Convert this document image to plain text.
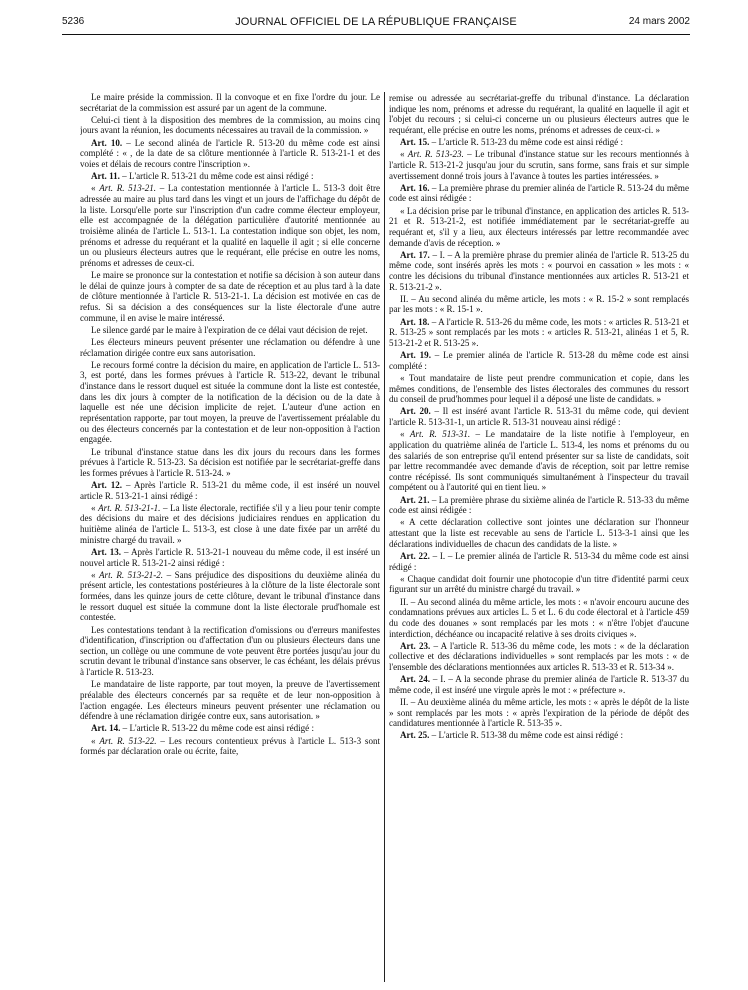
5236	JOURNAL OFFICIEL DE LA RÉPUBLIQUE FRANÇAISE	24 mars 2002

Le maire préside la commission. Il la convoque et en fixe l'ordre du jour. Le secrétariat de la commission est assuré par un agent de la commune.

Celui-ci tient à la disposition des membres de la commission, au moins cinq jours avant la réunion, les documents nécessaires au travail de la commission. »

Art. 10. – Le second alinéa de l'article R. 513-20 du même code est ainsi complété : « , de la date de sa clôture mentionnée à l'article R. 513-21-1 et des voies et délais de recours contre l'inscription ».

Art. 11. – L'article R. 513-21 du même code est ainsi rédigé :

« Art. R. 513-21. – La contestation mentionnée à l'article L. 513-3 doit être adressée au maire au plus tard dans les vingt et un jours de l'affichage du dépôt de la liste. Lorsqu'elle porte sur l'inscription d'un cadre comme électeur employeur, elle est accompagnée de la délégation particulière d'autorité mentionnée au troisième alinéa de l'article L. 513-1. La contestation indique son objet, les nom, prénoms et adresse du requérant et la qualité en laquelle il agit ; si elle concerne un ou plusieurs électeurs autres que le requérant, elle précise en outre les noms, prénoms et adresses de ceux-ci.

Le maire se prononce sur la contestation et notifie sa décision à son auteur dans le délai de quinze jours à compter de sa date de réception et au plus tard à la date de clôture mentionnée à l'article R. 513-21-1. La décision est motivée en cas de refus. Si sa décision a des conséquences sur la liste électorale d'une autre commune, il en avise le maire intéressé.

Le silence gardé par le maire à l'expiration de ce délai vaut décision de rejet.

Les électeurs mineurs peuvent présenter une réclamation ou défendre à une réclamation dirigée contre eux sans autorisation.

Le recours formé contre la décision du maire, en application de l'article L. 513-3, est porté, dans les formes prévues à l'article R. 513-22, devant le tribunal d'instance dans le ressort duquel est située la commune dont la liste est contestée, dans les dix jours à compter de la notification de la décision ou de la date à laquelle est née une décision implicite de rejet. L'auteur d'une action en représentation rapporte, par tout moyen, la preuve de l'avertissement préalable du ou des électeurs concernés par la contestation et de leur non-opposition à l'action engagée.

Le tribunal d'instance statue dans les dix jours du recours dans les formes prévues à l'article R. 513-23. Sa décision est notifiée par le secrétariat-greffe dans les formes prévues à l'article R. 513-24. »

Art. 12. – Après l'article R. 513-21 du même code, il est inséré un nouvel article R. 513-21-1 ainsi rédigé :

« Art. R. 513-21-1. – La liste électorale, rectifiée s'il y a lieu pour tenir compte des décisions du maire et des décisions judiciaires rendues en application du huitième alinéa de l'article L. 513-3, est close à une date fixée par un arrêté du ministre chargé du travail. »

Art. 13. – Après l'article R. 513-21-1 nouveau du même code, il est inséré un nouvel article R. 513-21-2 ainsi rédigé :

« Art. R. 513-21-2. – Sans préjudice des dispositions du deuxième alinéa du présent article, les contestations postérieures à la clôture de la liste électorale sont formées, dans les quinze jours de cette clôture, devant le tribunal d'instance dans le ressort duquel est située la commune dont la liste électorale prud'homale est contestée.

Les contestations tendant à la rectification d'omissions ou d'erreurs manifestes d'identification, d'inscription ou d'affectation d'un ou plusieurs électeurs dans une section, un collège ou une commune de vote peuvent être portées jusqu'au jour du scrutin devant le tribunal d'instance sans observer, le cas échéant, les délais prévus à l'article R. 513-23.

Le mandataire de liste rapporte, par tout moyen, la preuve de l'avertissement préalable des électeurs concernés par sa requête et de leur non-opposition à l'action engagée. Les électeurs mineurs peuvent présenter une réclamation ou défendre à une réclamation dirigée contre eux, sans autorisation. »

Art. 14. – L'article R. 513-22 du même code est ainsi rédigé :

« Art. R. 513-22. – Les recours contentieux prévus à l'article L. 513-3 sont formés par déclaration orale ou écrite, faite,

remise ou adressée au secrétariat-greffe du tribunal d'instance. La déclaration indique les nom, prénoms et adresse du requérant, la qualité en laquelle il agit et l'objet du recours ; si celui-ci concerne un ou plusieurs électeurs autres que le requérant, elle précise en outre les noms, prénoms et adresses de ceux-ci. »

Art. 15. – L'article R. 513-23 du même code est ainsi rédigé :

« Art. R. 513-23. – Le tribunal d'instance statue sur les recours mentionnés à l'article R. 513-21-2 jusqu'au jour du scrutin, sans forme, sans frais et sur simple avertissement donné trois jours à l'avance à toutes les parties intéressées. »

Art. 16. – La première phrase du premier alinéa de l'article R. 513-24 du même code est ainsi rédigée :

« La décision prise par le tribunal d'instance, en application des articles R. 513-21 et R. 513-21-2, est notifiée immédiatement par le secrétariat-greffe au requérant et, s'il y a lieu, aux électeurs intéressés par lettre recommandée avec demande d'avis de réception. »

Art. 17. – I. – A la première phrase du premier alinéa de l'article R. 513-25 du même code, sont insérés après les mots : « pourvoi en cassation » les mots : « contre les décisions du tribunal d'instance mentionnées aux articles R. 513-21 et R. 513-21-2 ».

II. – Au second alinéa du même article, les mots : « R. 15-2 » sont remplacés par les mots : « R. 15-1 ».

Art. 18. – A l'article R. 513-26 du même code, les mots : « articles R. 513-21 et R. 513-25 » sont remplacés par les mots : « articles R. 513-21, alinéas 1 et 5, R. 513-21-2 et R. 513-25 ».

Art. 19. – Le premier alinéa de l'article R. 513-28 du même code est ainsi complété :

« Tout mandataire de liste peut prendre communication et copie, dans les mêmes conditions, de l'ensemble des listes électorales des communes du ressort du conseil de prud'hommes pour lequel il a déposé une liste de candidats. »

Art. 20. – Il est inséré avant l'article R. 513-31 du même code, qui devient l'article R. 513-31-1, un article R. 513-31 nouveau ainsi rédigé :

« Art. R. 513-31. – Le mandataire de la liste notifie à l'employeur, en application du quatrième alinéa de l'article L. 513-4, les noms et prénoms du ou des salariés de son entreprise qu'il entend présenter sur sa liste de candidats, soit par lettre recommandée avec demande d'avis de réception, soit par lettre remise contre récépissé. Ils sont communiqués simultanément à l'inspecteur du travail compétent ou à l'autorité qui en tient lieu. »

Art. 21. – La première phrase du sixième alinéa de l'article R. 513-33 du même code est ainsi rédigée :

« A cette déclaration collective sont jointes une déclaration sur l'honneur attestant que la liste est recevable au sens de l'article L. 513-3-1 ainsi que les déclarations individuelles de chacun des candidats de la liste. »

Art. 22. – I. – Le premier alinéa de l'article R. 513-34 du même code est ainsi rédigé :

« Chaque candidat doit fournir une photocopie d'un titre d'identité parmi ceux figurant sur un arrêté du ministre chargé du travail. »

II. – Au second alinéa du même article, les mots : « n'avoir encouru aucune des condamnations prévues aux articles L. 5 et L. 6 du code électoral et à l'article 459 du code des douanes » sont remplacés par les mots : « n'être l'objet d'aucune interdiction, déchéance ou incapacité relative à ses droits civiques ».

Art. 23. – A l'article R. 513-36 du même code, les mots : « de la déclaration collective et des déclarations individuelles » sont remplacés par les mots : « de l'ensemble des déclarations mentionnées aux articles R. 513-33 et R. 513-34 ».

Art. 24. – I. – A la seconde phrase du premier alinéa de l'article R. 513-37 du même code, il est inséré une virgule après le mot : « préfecture ».

II. – Au deuxième alinéa du même article, les mots : « après le dépôt de la liste » sont remplacés par les mots : « après l'expiration de la période de dépôt des candidatures mentionnée à l'article R. 513-35 ».

Art. 25. – L'article R. 513-38 du même code est ainsi rédigé :
